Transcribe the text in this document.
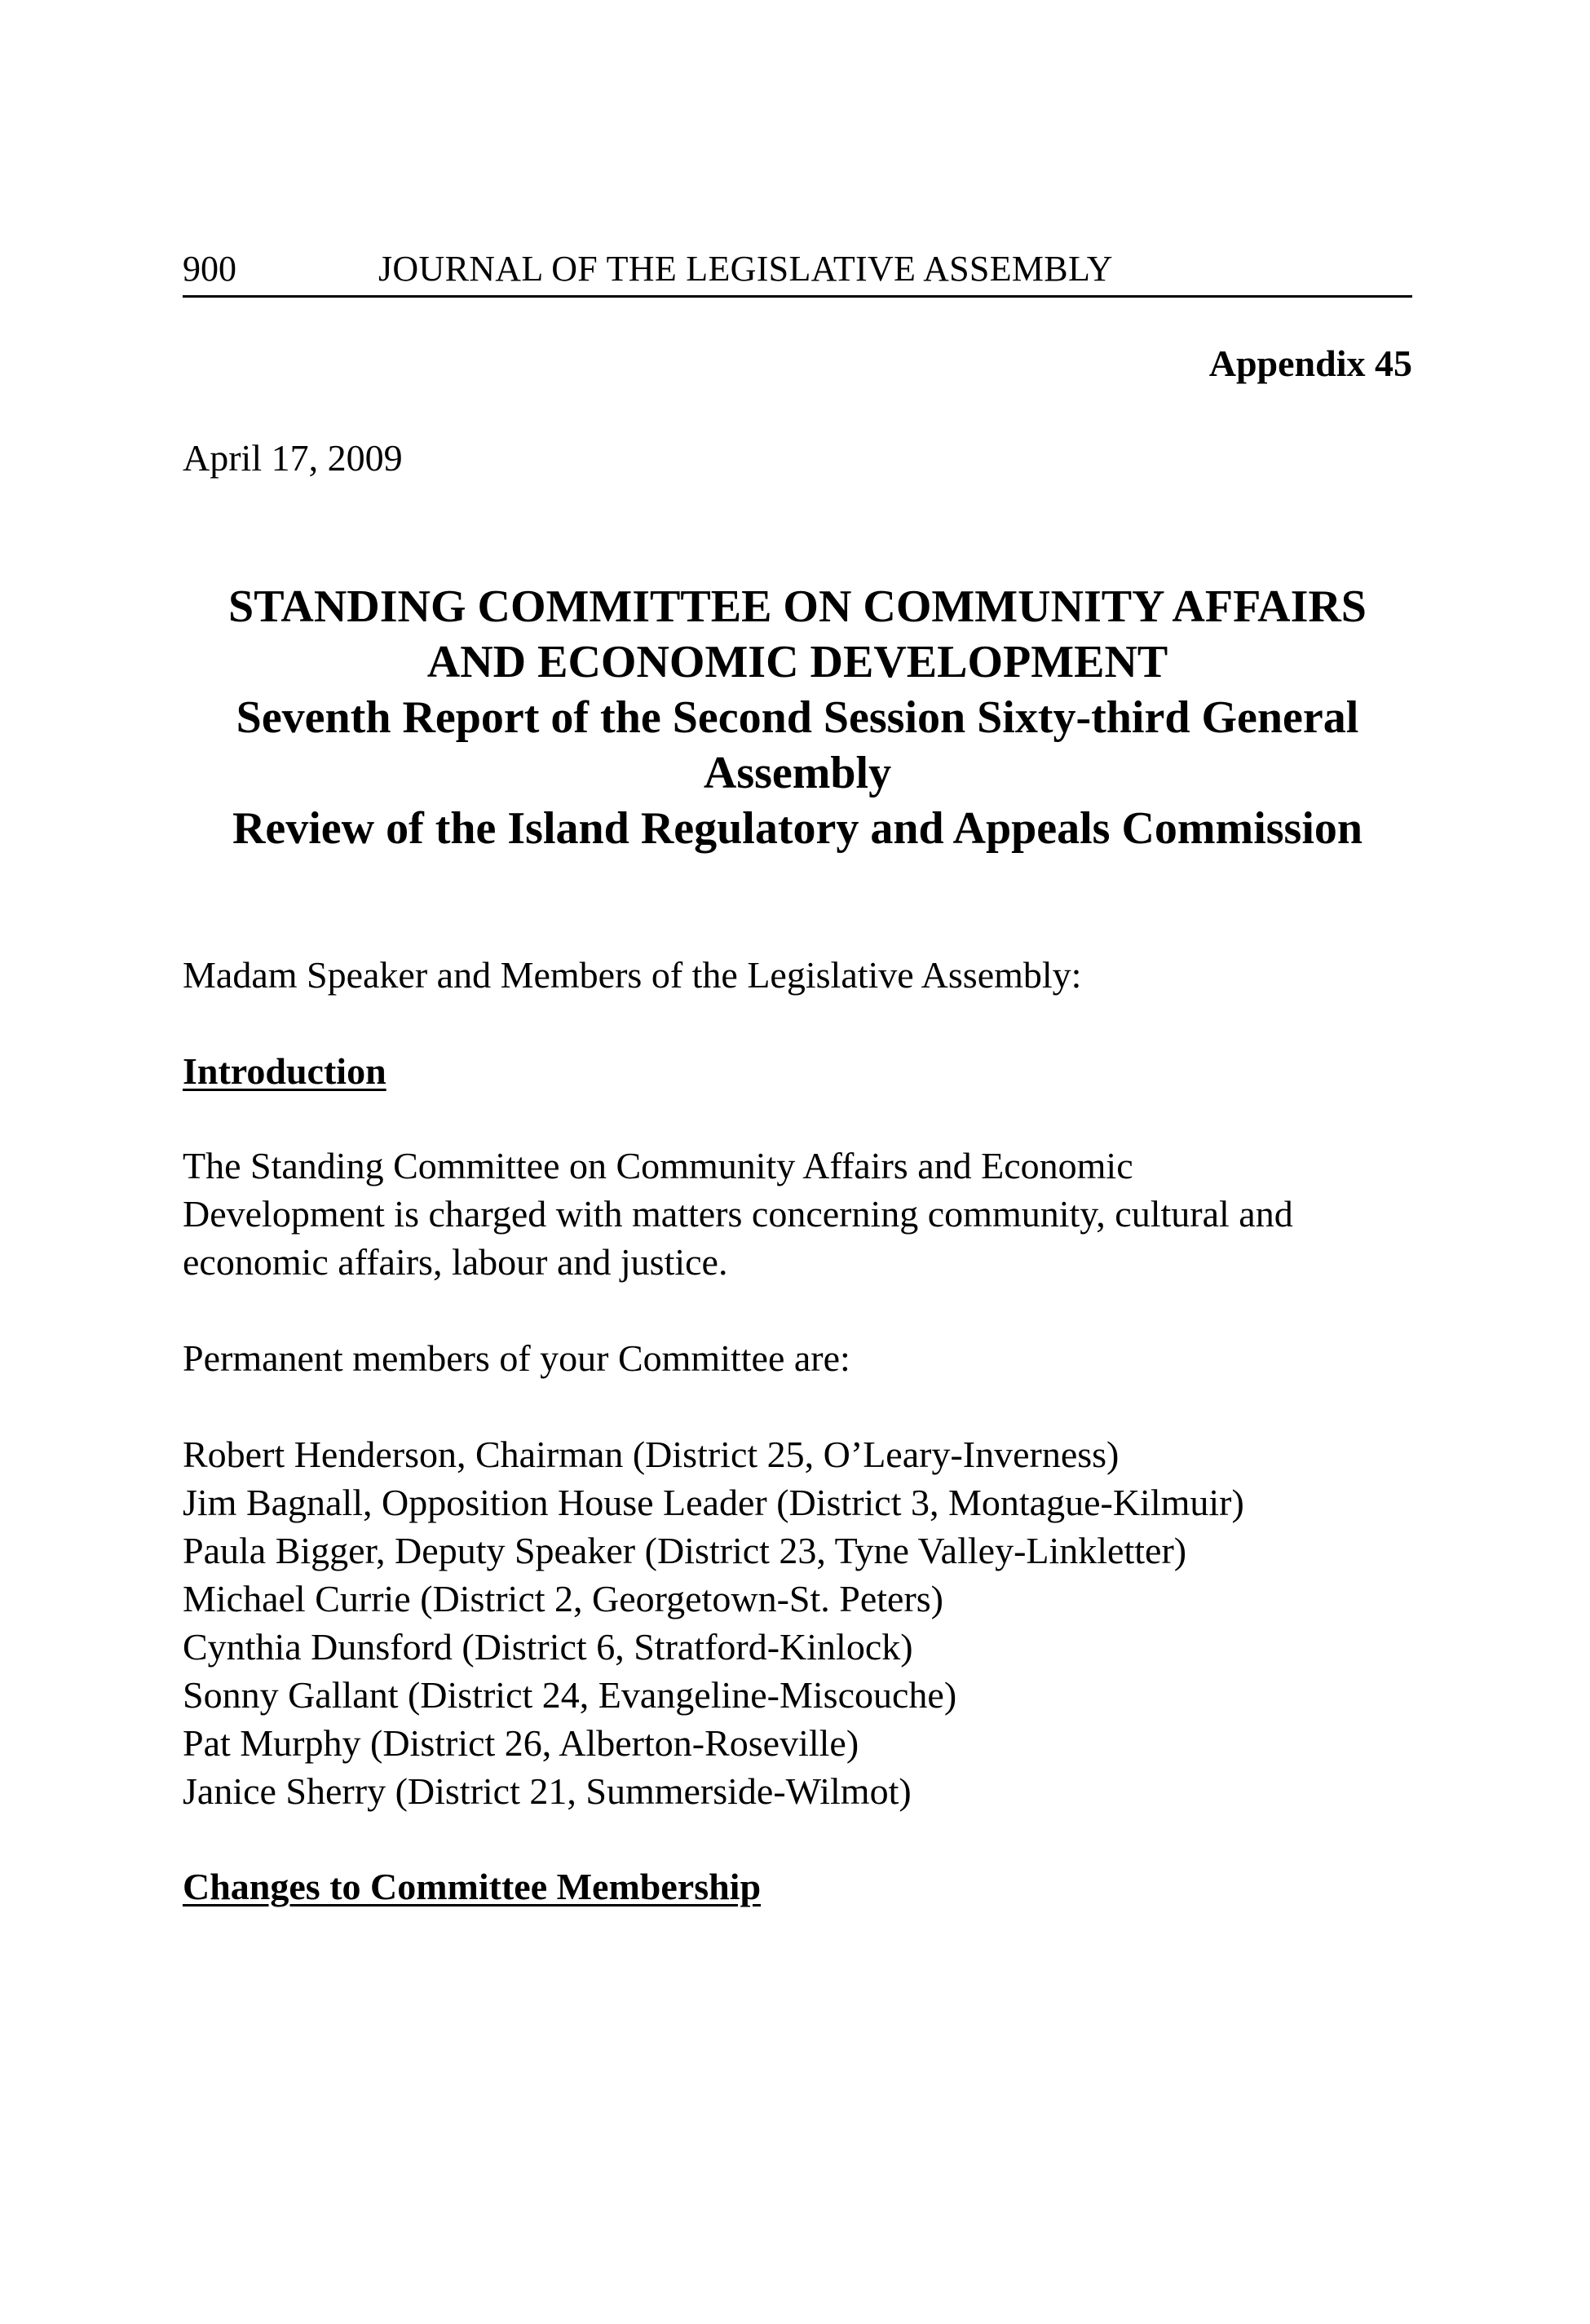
900	JOURNAL OF THE LEGISLATIVE ASSEMBLY
Appendix 45
April 17, 2009
STANDING COMMITTEE ON COMMUNITY AFFAIRS
AND ECONOMIC DEVELOPMENT
Seventh Report of the Second Session Sixty-third General
Assembly
Review of the Island Regulatory and Appeals Commission
Madam Speaker and Members of the Legislative Assembly:
Introduction
The Standing Committee on Community Affairs and Economic
Development is charged with matters concerning community, cultural and
economic affairs, labour and justice.
Permanent members of your Committee are:
Robert Henderson, Chairman (District 25, O’Leary-Inverness)
Jim Bagnall, Opposition House Leader (District 3, Montague-Kilmuir)
Paula Bigger, Deputy Speaker (District 23, Tyne Valley-Linkletter)
Michael Currie (District 2, Georgetown-St. Peters)
Cynthia Dunsford (District 6, Stratford-Kinlock)
Sonny Gallant (District 24, Evangeline-Miscouche)
Pat Murphy (District 26, Alberton-Roseville)
Janice Sherry (District 21, Summerside-Wilmot)
Changes to Committee Membership
